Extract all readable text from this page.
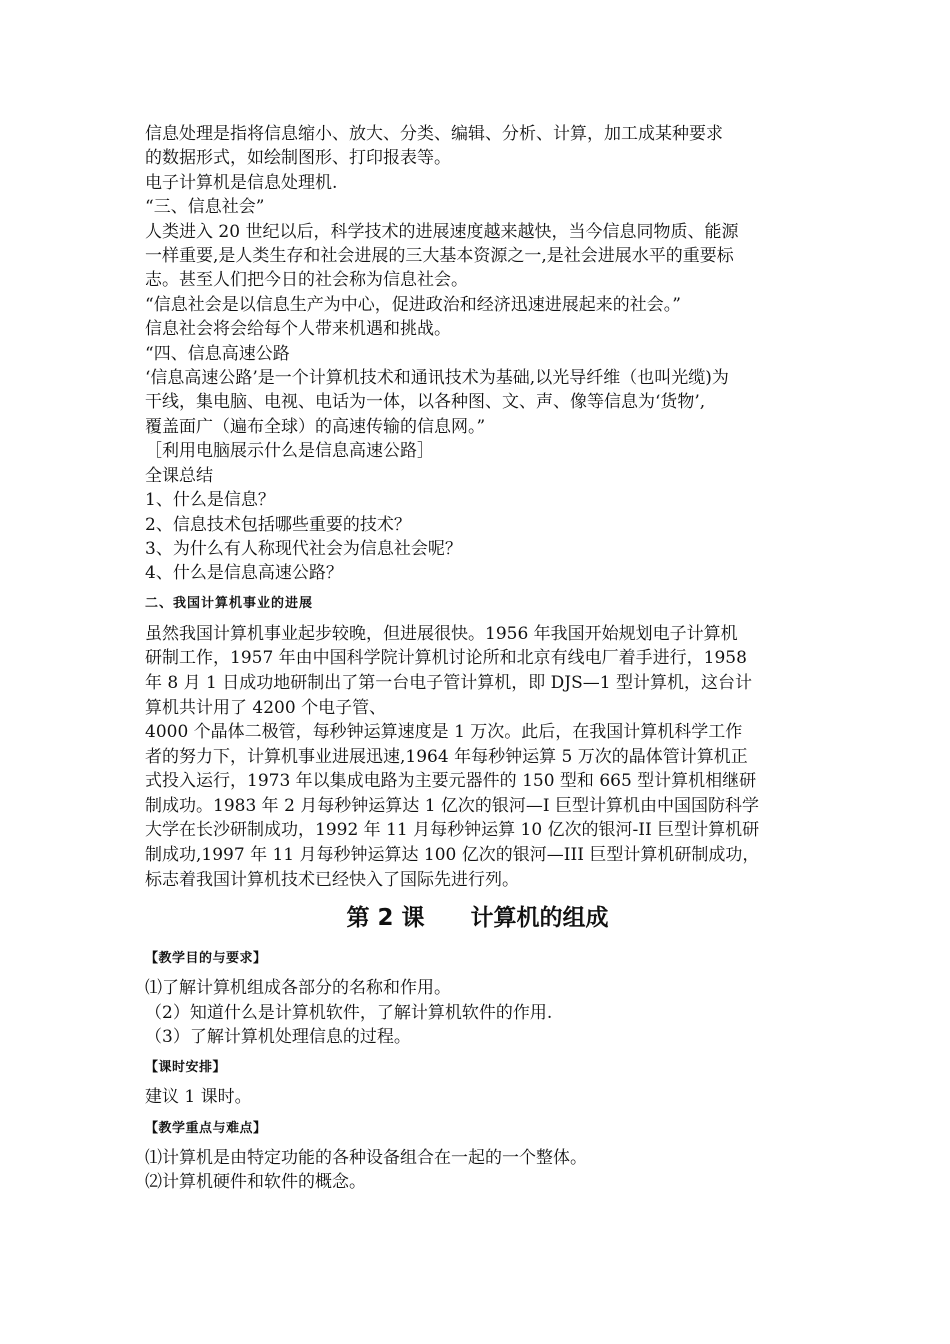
信息处理是指将信息缩小、放大、分类、编辑、分析、计算，加工成某种要求
的数据形式，如绘制图形、打印报表等。
电子计算机是信息处理机.
“三、信息社会”
人类进入 20 世纪以后，科学技术的进展速度越来越快，当今信息同物质、能源
一样重要,是人类生存和社会进展的三大基本资源之一,是社会进展水平的重要标
志。甚至人们把今日的社会称为信息社会。
“信息社会是以信息生产为中心，促进政治和经济迅速进展起来的社会。”
信息社会将会给每个人带来机遇和挑战。
“四、信息高速公路
‘信息高速公路’是一个计算机技术和通讯技术为基础,以光导纤维（也叫光缆)为
干线，集电脑、电视、电话为一体，以各种图、文、声、像等信息为‘货物’,
覆盖面广（遍布全球）的高速传输的信息网。”
［利用电脑展示什么是信息高速公路］
全课总结
1、什么是信息？
2、信息技术包括哪些重要的技术？
3、为什么有人称现代社会为信息社会呢？
4、什么是信息高速公路？
二、我国计算机事业的进展
虽然我国计算机事业起步较晚，但进展很快。1956 年我国开始规划电子计算机
研制工作，1957 年由中国科学院计算机讨论所和北京有线电厂着手进行，1958
年 8 月 1 日成功地研制出了第一台电子管计算机，即 DJS—1 型计算机，这台计
算机共计用了 4200 个电子管、
4000 个晶体二极管，每秒钟运算速度是 1 万次。此后，在我国计算机科学工作
者的努力下，计算机事业进展迅速,1964 年每秒钟运算 5 万次的晶体管计算机正
式投入运行，1973 年以集成电路为主要元器件的 150 型和 665 型计算机相继研
制成功。1983 年 2 月每秒钟运算达 1 亿次的银河—I 巨型计算机由中国国防科学
大学在长沙研制成功，1992 年 11 月每秒钟运算 10 亿次的银河-II 巨型计算机研
制成功,1997 年 11 月每秒钟运算达 100 亿次的银河—III 巨型计算机研制成功，
标志着我国计算机技术已经快入了国际先进行列。
第 2 课　　计算机的组成
【教学目的与要求】
⑴了解计算机组成各部分的名称和作用。
（2）知道什么是计算机软件，了解计算机软件的作用.
（3）了解计算机处理信息的过程。
【课时安排】
建议 1 课时。
【教学重点与难点】
⑴计算机是由特定功能的各种设备组合在一起的一个整体。
⑵计算机硬件和软件的概念。
